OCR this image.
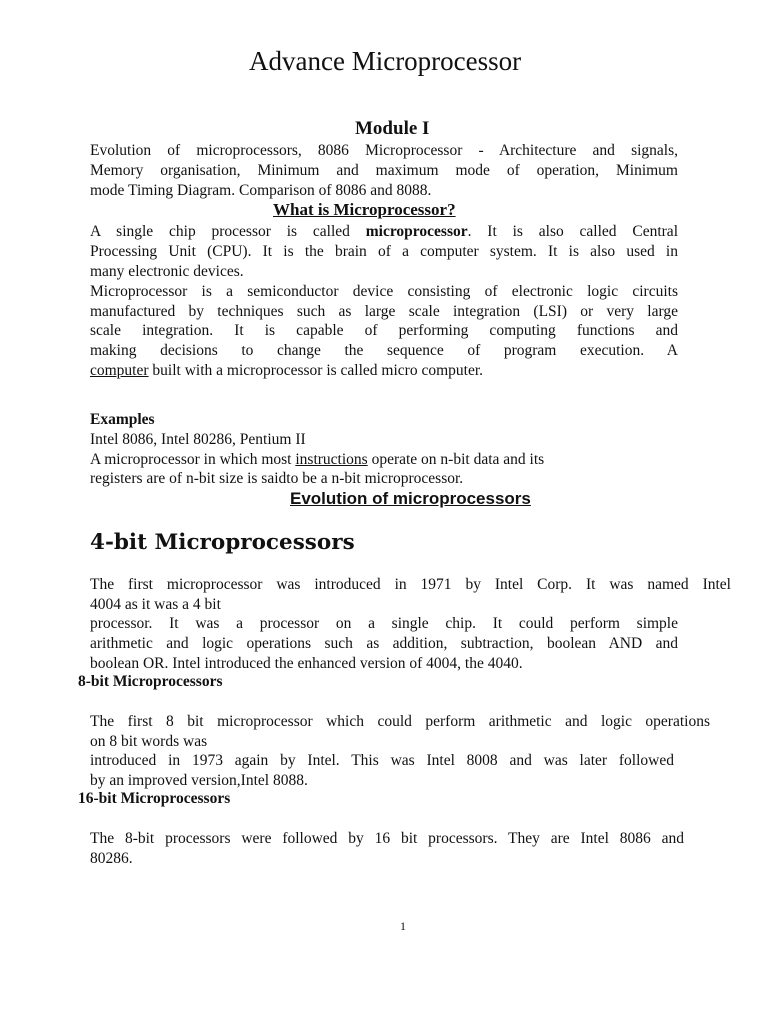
Advance Microprocessor
Module I
Evolution of microprocessors, 8086 Microprocessor - Architecture and signals,
Memory organisation, Minimum and maximum mode of operation, Minimum
mode Timing Diagram. Comparison of 8086 and 8088.
What is Microprocessor?
A single chip processor is called microprocessor. It is also called Central
Processing Unit (CPU). It is the brain of a computer system. It is also used in
many electronic devices.
Microprocessor is a semiconductor device consisting of electronic logic circuits
manufactured by techniques such as large scale integration (LSI) or very large
scale integration. It is capable of performing computing functions and
making decisions to change the sequence of program execution. A
computer built with a microprocessor is called micro computer.
Examples
Intel 8086, Intel 80286, Pentium II
A microprocessor in which most instructions operate on n-bit data and its
registers are of n-bit size is saidto be a n-bit microprocessor.
Evolution of microprocessors
4-bit Microprocessors
The first microprocessor was introduced in 1971 by Intel Corp. It was named Intel
4004 as it was a 4 bit
processor. It was a processor on a single chip. It could perform simple
arithmetic and logic operations such as addition, subtraction, boolean AND and
boolean OR. Intel introduced the enhanced version of 4004, the 4040.
8-bit Microprocessors
The first 8 bit microprocessor which could perform arithmetic and logic operations
on 8 bit words was
introduced in 1973 again by Intel. This was Intel 8008 and was later followed
by an improved version,Intel 8088.
16-bit Microprocessors
The 8-bit processors were followed by 16 bit processors. They are Intel 8086 and
80286.
1
